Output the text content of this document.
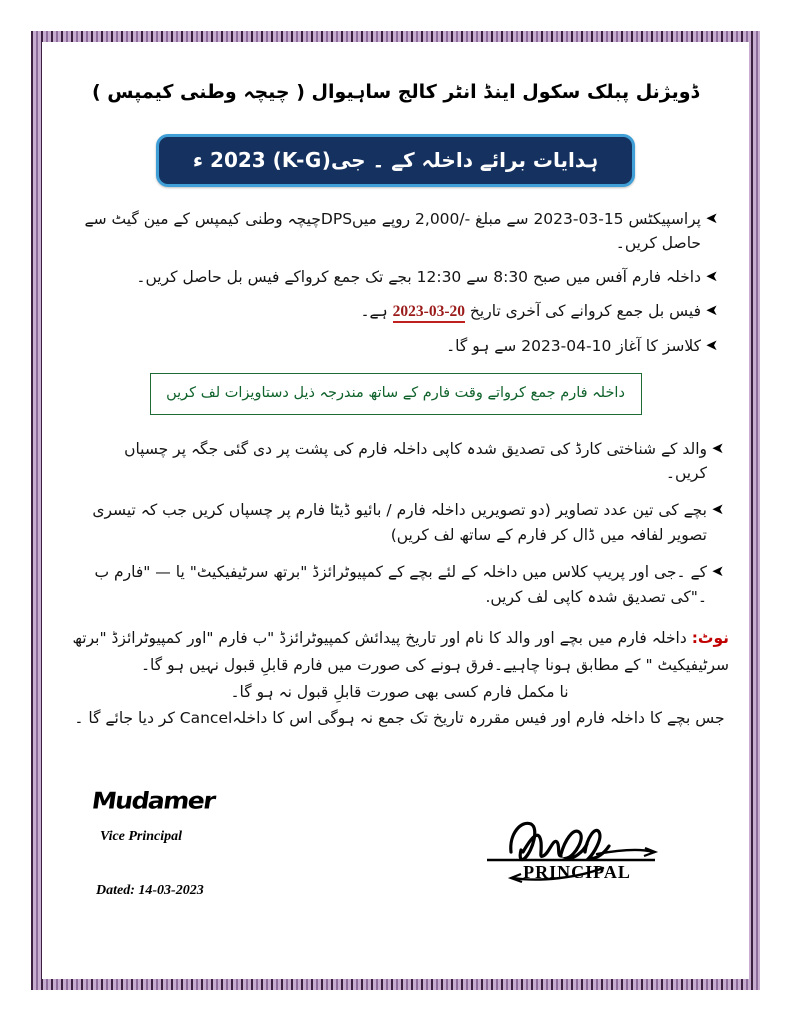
ڈویژنل پبلک سکول اینڈ انٹر کالج ساہیوال ( چیچہ وطنی کیمپس )
ہدایات برائے داخلہ کے ۔ جی(K-G) 2023 ء
➤
پراسپیکٹس 15-03-2023 سے مبلغ -/2,000 روپے میںDPSچیچہ وطنی کیمپس کے مین گیٹ سے حاصل کریں۔
➤
داخلہ فارم آفس میں صبح 8:30 سے 12:30 بجے تک جمع کرواکے فیس بل حاصل کریں۔
➤
فیس بل جمع کروانے کی آخری تاریخ 20-03-2023 ہے۔
➤
کلاسز کا آغاز 10-04-2023 سے ہو گا۔
داخلہ فارم جمع کرواتے وقت فارم کے ساتھ مندرجہ ذیل دستاویزات لف کریں
➤
والد کے شناختی کارڈ کی تصدیق شدہ کاپی داخلہ فارم کی پشت پر دی گئی جگہ پر چسپاں کریں۔
➤
بچے کی تین عدد تصاویر (دو تصویریں داخلہ فارم / بائیو ڈیٹا فارم پر چسپاں کریں جب کہ تیسری تصویر لفافہ میں ڈال کر فارم کے ساتھ لف کریں)
➤
کے ۔جی اور پریپ کلاس میں داخلہ کے لئے بچے کے کمپیوٹرائزڈ "برتھ سرٹیفیکیٹ" یا — "فارم ب ۔"کی تصدیق شدہ کاپی لف کریں.
نوٹ: داخلہ فارم میں بچے اور والد کا نام اور تاریخ پیدائش کمپیوٹرائزڈ "ب فارم "اور کمپیوٹرائزڈ "برتھ سرٹیفیکیٹ " کے مطابق ہونا چاہیے۔فرق ہونے کی صورت میں فارم قابلِ قبول نہیں ہو گا۔
نا مکمل فارم کسی بھی صورت قابلِ قبول نہ ہو گا۔
جس بچے کا داخلہ فارم اور فیس مقررہ تاریخ تک جمع نہ ہوگی اس کا داخلہCancel کر دیا جائے گا ۔
Mudamer
Vice Principal
Dated: 14-03-2023
PRINCIPAL
